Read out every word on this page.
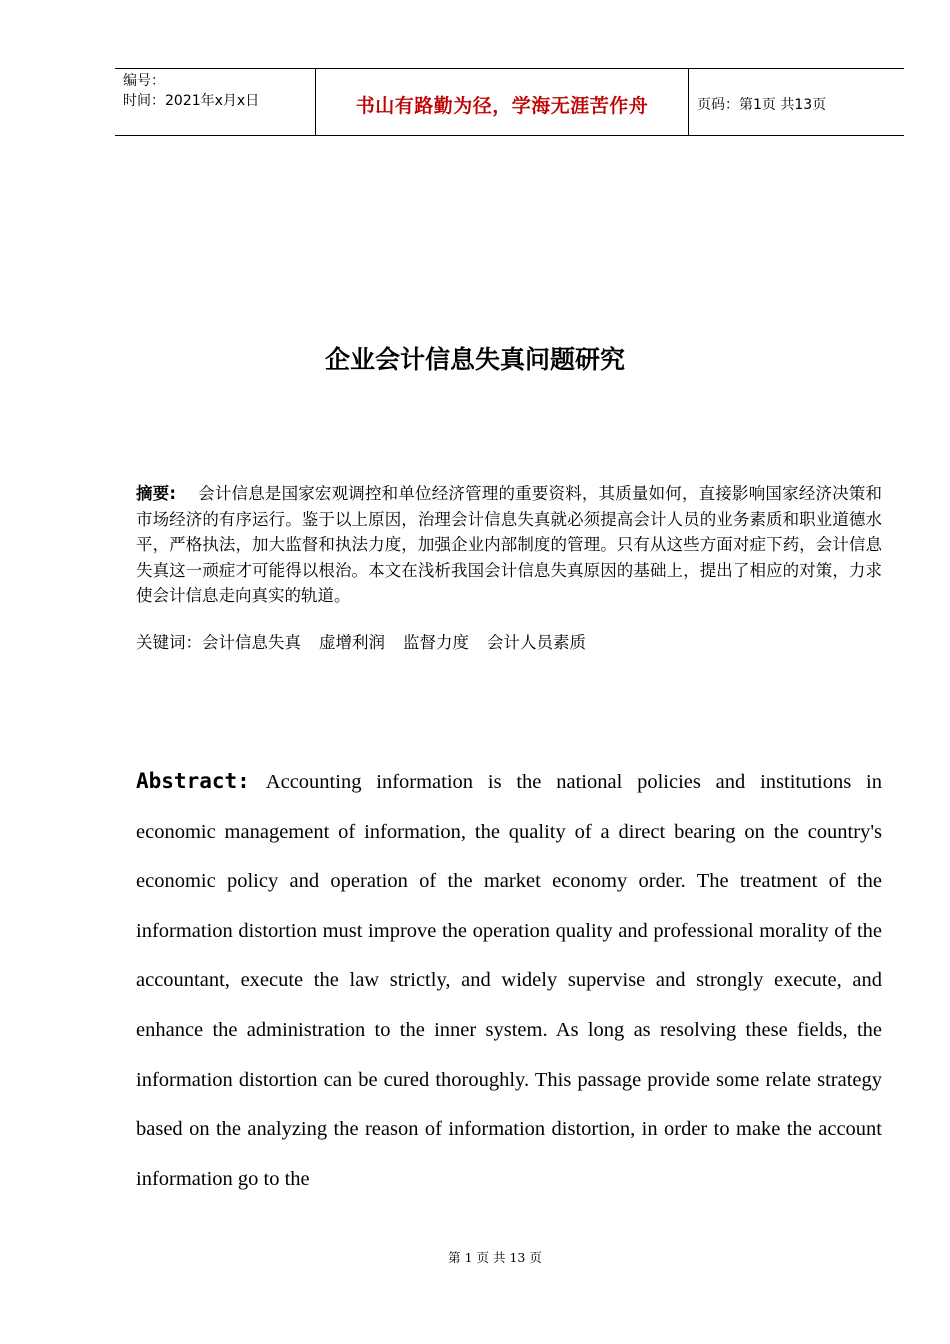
编号：
时间：2021年x月x日	书山有路勤为径，学海无涯苦作舟	页码：第1页 共13页
企业会计信息失真问题研究
摘要: 会计信息是国家宏观调控和单位经济管理的重要资料，其质量如何，直接影响国家经济决策和市场经济的有序运行。鉴于以上原因，治理会计信息失真就必须提高会计人员的业务素质和职业道德水平，严格执法，加大监督和执法力度，加强企业内部制度的管理。只有从这些方面对症下药，会计信息失真这一顽症才可能得以根治。本文在浅析我国会计信息失真原因的基础上，提出了相应的对策，力求使会计信息走向真实的轨道。
关键词：会计信息失真 虚增利润 监督力度 会计人员素质

Abstract: Accounting information is the national policies and institutions in economic management of information, the quality of a direct bearing on the country's economic policy and operation of the market economy order. The treatment of the information distortion must improve the operation quality and professional morality of the accountant, execute the law strictly, and widely supervise and strongly execute, and enhance the administration to the inner system. As long as resolving these fields, the information distortion can be cured thoroughly. This passage provide some relate strategy based on the analyzing the reason of information distortion, in order to make the account information go to the

第 1 页 共 13 页
